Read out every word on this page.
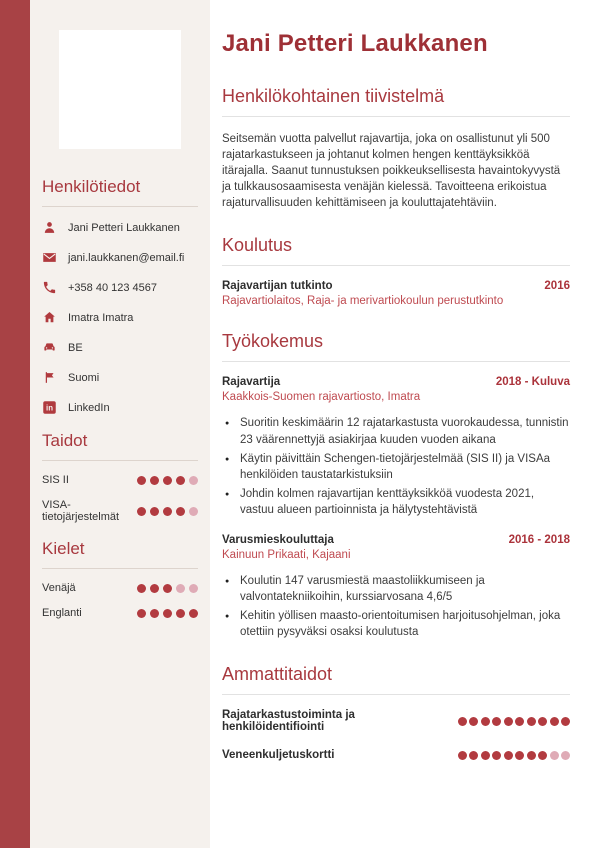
Henkilötiedot
Jani Petteri Laukkanen
jani.laukkanen@email.fi
+358 40 123 4567
Imatra Imatra
BE
Suomi
in LinkedIn
Taidot
SIS II
VISA-tietojärjestelmät
Kielet
Venäjä
Englanti
Jani Petteri Laukkanen
Henkilökohtainen tiivistelmä

Seitsemän vuotta palvellut rajavartija, joka on osallistunut yli 500 rajatarkastukseen ja johtanut kolmen hengen kenttäyksikköä itärajalla. Saanut tunnustuksen poikkeuksellisesta havaintokyvystä ja tulkkausosaamisesta venäjän kielessä. Tavoitteena erikoistua rajaturvallisuuden kehittämiseen ja kouluttajatehtäviin.

Koulutus
Rajavartijan tutkinto	2016
Rajavartiolaitos, Raja- ja merivartiokoulun perustutkinto
Työkokemus
Rajavartija	2018 - Kuluva
Kaakkois-Suomen rajavartiosto, Imatra
● Suoritin keskimäärin 12 rajatarkastusta vuorokaudessa, tunnistin 23 väärennettyjä asiakirjaa kuuden vuoden aikana
● Käytin päivittäin Schengen-tietojärjestelmää (SIS II) ja VISAa henkilöiden taustatarkistuksiin
● Johdin kolmen rajavartijan kenttäyksikköä vuodesta 2021, vastuu alueen partioinnista ja hälytystehtävistä
Varusmieskouluttaja	2016 - 2018
Kainuun Prikaati, Kajaani
● Koulutin 147 varusmiestä maastoliikkumiseen ja valvontatekniikoihin, kurssiarvosana 4,6/5
● Kehitin yöllisen maasto-orientoitumisen harjoitusohjelman, joka otettiin pysyväksi osaksi koulutusta
Ammattitaidot
Rajatarkastustoiminta ja henkilöidentifiointi
Veneenkuljetuskortti
